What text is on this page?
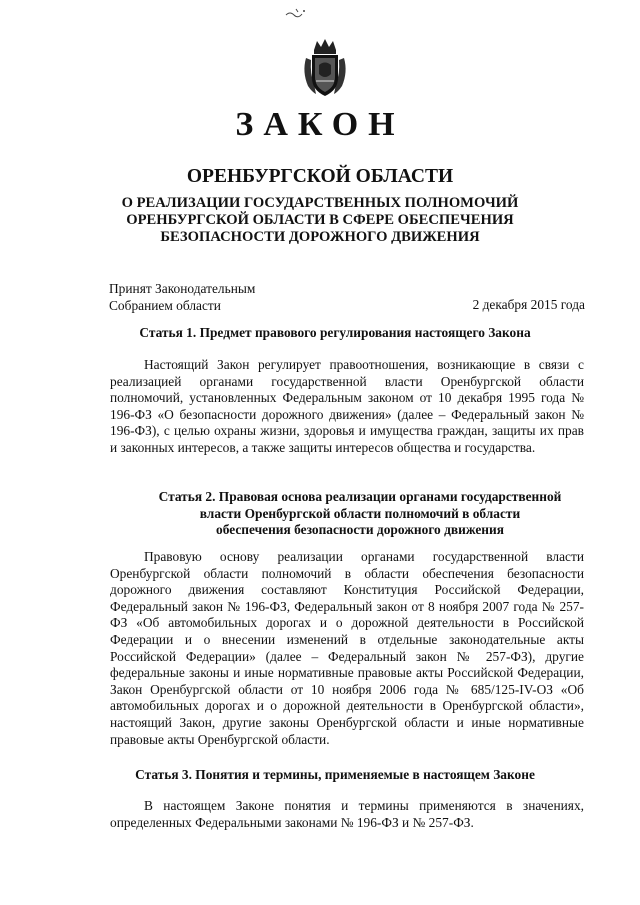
ЗАКОН
ОРЕНБУРГСКОЙ ОБЛАСТИ
О РЕАЛИЗАЦИИ ГОСУДАРСТВЕННЫХ ПОЛНОМОЧИЙ
ОРЕНБУРГСКОЙ ОБЛАСТИ В СФЕРЕ ОБЕСПЕЧЕНИЯ
БЕЗОПАСНОСТИ ДОРОЖНОГО ДВИЖЕНИЯ
Принят Законодательным
Собранием области	2 декабря 2015 года
Статья 1. Предмет правового регулирования настоящего Закона
Настоящий Закон регулирует правоотношения, возникающие в связи с реализацией органами государственной власти Оренбургской области полномочий, установленных Федеральным законом от 10 декабря 1995 года № 196-ФЗ «О безопасности дорожного движения» (далее – Федеральный закон № 196-ФЗ), с целью охраны жизни, здоровья и имущества граждан, защиты их прав и законных интересов, а также защиты интересов общества и государства.
Статья 2. Правовая основа реализации органами государственной
власти Оренбургской области полномочий в области
обеспечения безопасности дорожного движения
Правовую основу реализации органами государственной власти Оренбургской области полномочий в области обеспечения безопасности дорожного движения составляют Конституция Российской Федерации, Федеральный закон № 196-ФЗ, Федеральный закон от 8 ноября 2007 года № 257-ФЗ «Об автомобильных дорогах и о дорожной деятельности в Российской Федерации и о внесении изменений в отдельные законодательные акты Российской Федерации» (далее – Федеральный закон № 257-ФЗ), другие федеральные законы и иные нормативные правовые акты Российской Федерации, Закон Оренбургской области от 10 ноября 2006 года № 685/125-IV-ОЗ «Об автомобильных дорогах и о дорожной деятельности в Оренбургской области», настоящий Закон, другие законы Оренбургской области и иные нормативные правовые акты Оренбургской области.
Статья 3. Понятия и термины, применяемые в настоящем Законе
В настоящем Законе понятия и термины применяются в значениях, определенных Федеральными законами № 196-ФЗ и № 257-ФЗ.
